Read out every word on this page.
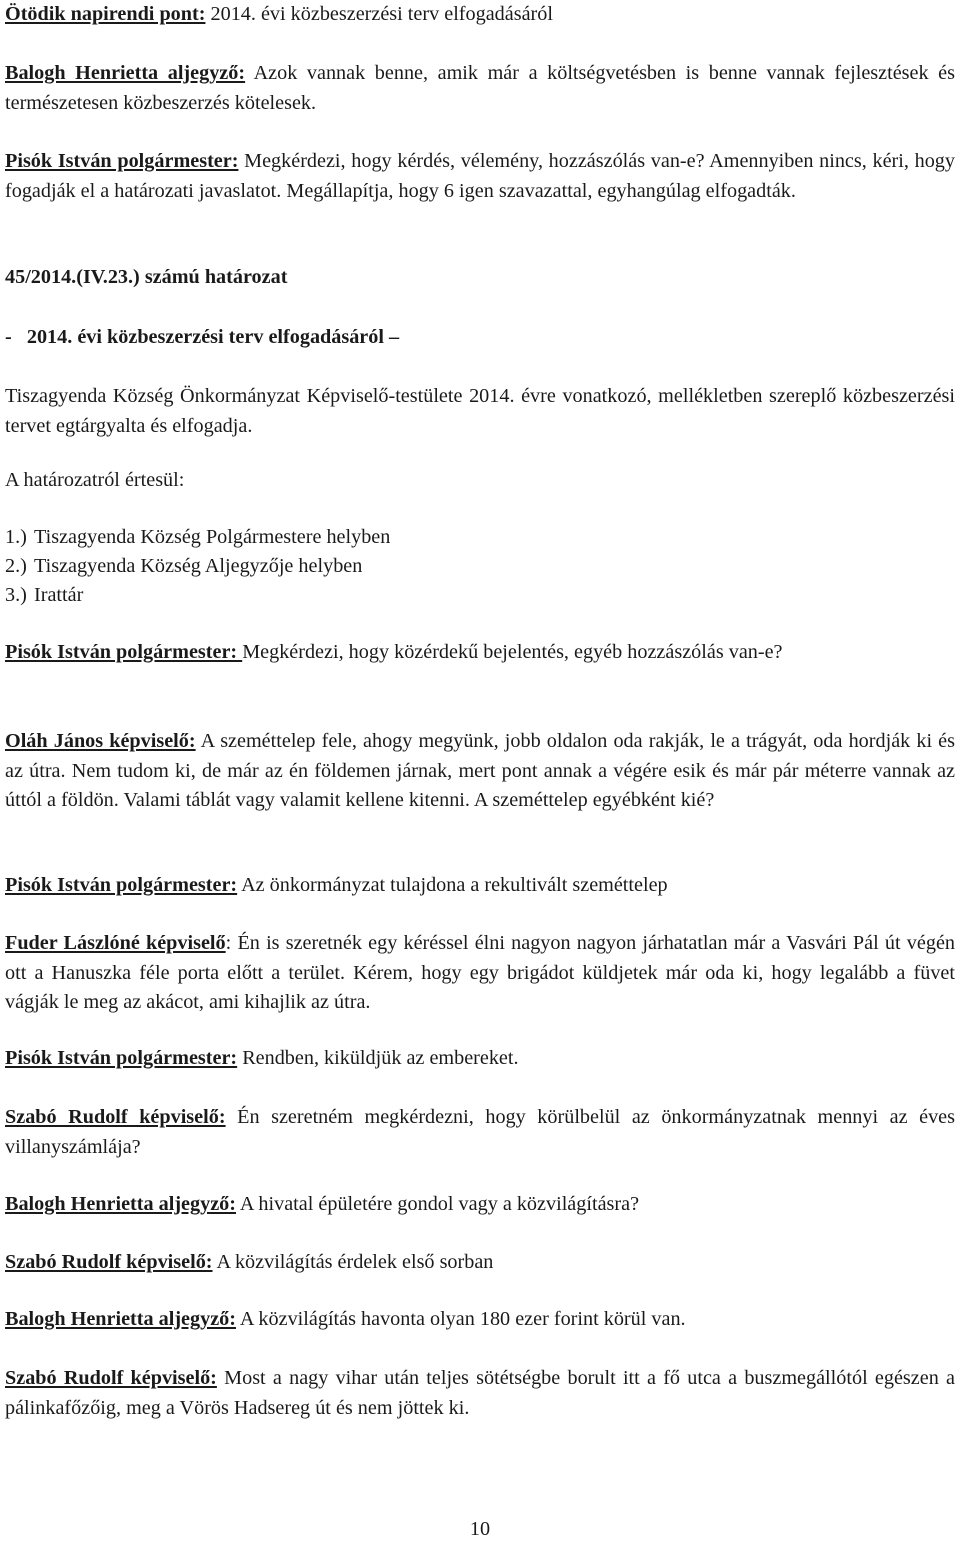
Ötödik napirendi pont: 2014. évi közbeszerzési terv elfogadásáról

Balogh Henrietta aljegyző: Azok vannak benne, amik már a költségvetésben is benne vannak fejlesztések és természetesen közbeszerzés kötelesek.

Pisók István polgármester: Megkérdezi, hogy kérdés, vélemény, hozzászólás van-e? Amennyiben nincs, kéri, hogy fogadják el a határozati javaslatot. Megállapítja, hogy 6 igen szavazattal, egyhangúlag elfogadták.

45/2014.(IV.23.) számú határozat

-   2014. évi közbeszerzési terv elfogadásáról –

Tiszagyenda Község Önkormányzat Képviselő-testülete 2014. évre vonatkozó, mellékletben szereplő közbeszerzési tervet egtárgyalta és elfogadja.

A határozatról értesül:

1.) Tiszagyenda Község Polgármestere helyben
2.) Tiszagyenda Község Aljegyzője helyben
3.) Irattár

Pisók István polgármester: Megkérdezi, hogy közérdekű bejelentés, egyéb hozzászólás van-e?

Oláh János képviselő: A szeméttelep fele, ahogy megyünk, jobb oldalon oda rakják, le a trágyát, oda hordják ki és az útra. Nem tudom ki, de már az én földemen járnak, mert pont annak a végére esik és már pár méterre vannak az úttól a földön. Valami táblát vagy valamit kellene kitenni. A szeméttelep egyébként kié?

Pisók István polgármester: Az önkormányzat tulajdona a rekultivált szeméttelep

Fuder Lászlóné képviselő: Én is szeretnék egy kéréssel élni nagyon nagyon járhatatlan már a Vasvári Pál út végén ott a Hanuszka féle porta előtt a terület. Kérem, hogy egy brigádot küldjetek már oda ki, hogy legalább a füvet vágják le meg az akácot, ami kihajlik az útra.

Pisók István polgármester: Rendben, kiküldjük az embereket.

Szabó Rudolf képviselő: Én szeretném megkérdezni, hogy körülbelül az önkormányzatnak mennyi az éves villanyszámlája?

Balogh Henrietta aljegyző: A hivatal épületére gondol vagy a közvilágításra?

Szabó Rudolf képviselő: A közvilágítás érdelek első sorban

Balogh Henrietta aljegyző: A közvilágítás havonta olyan 180 ezer forint körül van.

Szabó Rudolf képviselő: Most a nagy vihar után teljes sötétségbe borult itt a fő utca a buszmegállótól egészen a pálinkafőzőig, meg a Vörös Hadsereg út és nem jöttek ki.

10
